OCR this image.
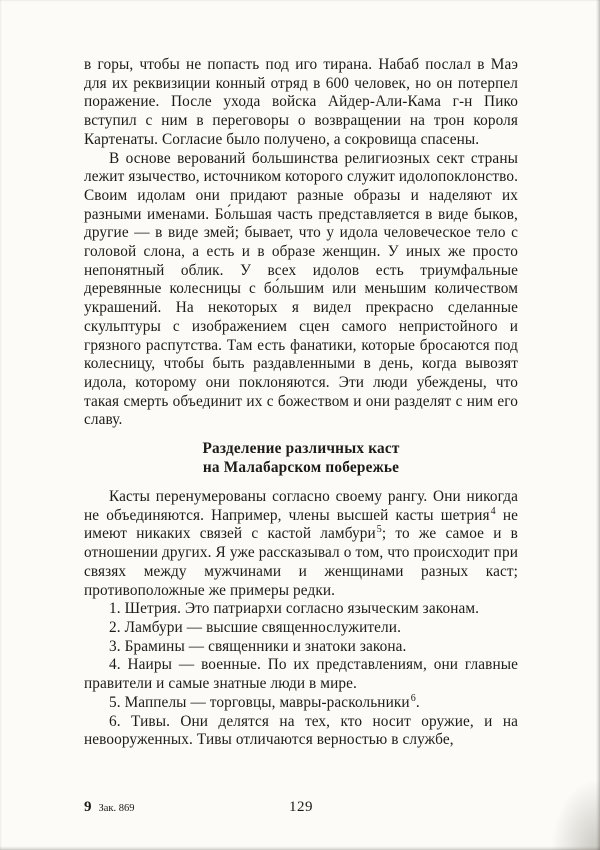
в горы, чтобы не попасть под иго тирана. Набаб послал в Маэ для их реквизиции конный отряд в 600 человек, но он потерпел поражение. После ухода войска Айдер-Али-Кама г-н Пико вступил с ним в переговоры о возвращении на трон короля Картенаты. Согласие было получено, а сокровища спасены.

В основе верований большинства религиозных сект страны лежит язычество, источником которого служит идолопоклонство. Своим идолам они придают разные образы и наделяют их разными именами. Бо́льшая часть представляется в виде быков, другие — в виде змей; бывает, что у идола человеческое тело с головой слона, а есть и в образе женщин. У иных же просто непонятный облик. У всех идолов есть триумфальные деревянные колесницы с бо́льшим или меньшим количеством украшений. На некоторых я видел прекрасно сделанные скульптуры с изображением сцен самого непристойного и грязного распутства. Там есть фанатики, которые бросаются под колесницу, чтобы быть раздавленными в день, когда вывозят идола, которому они поклоняются. Эти люди убеждены, что такая смерть объединит их с божеством и они разделят с ним его славу.

Разделение различных каст
на Малабарском побережье

Касты перенумерованы согласно своему рангу. Они никогда не объединяются. Например, члены высшей касты шетрия$^4$ не имеют никаких связей с кастой ламбури$^5$; то же самое и в отношении других. Я уже рассказывал о том, что происходит при связях между мужчинами и женщинами разных каст; противоположные же примеры редки.

1. Шетрия. Это патриархи согласно языческим законам.

2. Ламбури — высшие священнослужители.

3. Брамины — священники и знатоки закона.

4. Наиры — военные. По их представлениям, они главные правители и самые знатные люди в мире.

5. Маппелы — торговцы, мавры-раскольники$^6$.

6. Тивы. Они делятся на тех, кто носит оружие, и на невооруженных. Тивы отличаются верностью в службе,

9 Зак. 869	129
